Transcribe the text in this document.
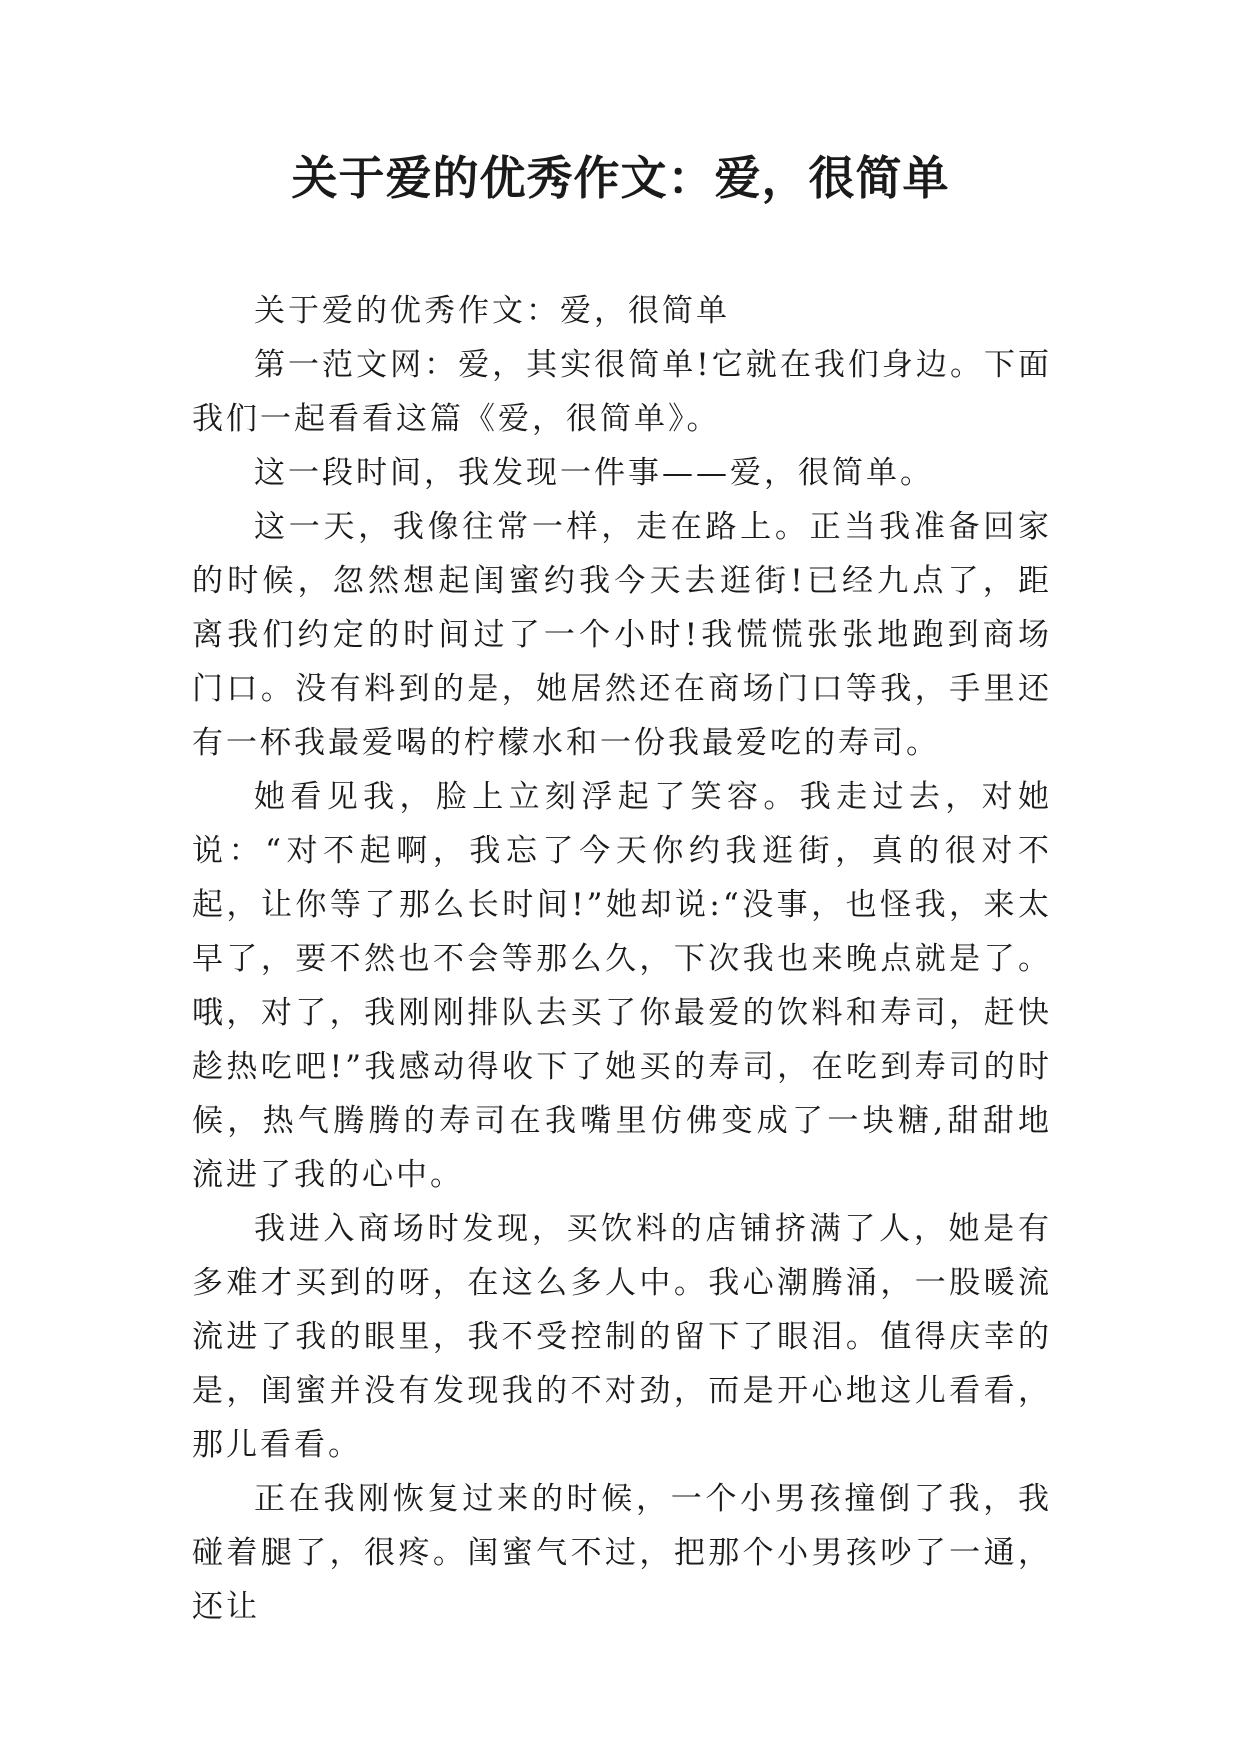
关于爱的优秀作文：爱，很简单

关于爱的优秀作文：爱，很简单

第一范文网：爱，其实很简单!它就在我们身边。下面我们一起看看这篇《爱，很简单》。

这一段时间，我发现一件事——爱，很简单。

这一天，我像往常一样，走在路上。正当我准备回家的时候，忽然想起闺蜜约我今天去逛街!已经九点了，距离我们约定的时间过了一个小时!我慌慌张张地跑到商场门口。没有料到的是，她居然还在商场门口等我，手里还有一杯我最爱喝的柠檬水和一份我最爱吃的寿司。

她看见我，脸上立刻浮起了笑容。我走过去，对她说：“对不起啊，我忘了今天你约我逛街，真的很对不起，让你等了那么长时间!”她却说:“没事，也怪我，来太早了，要不然也不会等那么久，下次我也来晚点就是了。哦，对了，我刚刚排队去买了你最爱的饮料和寿司，赶快趁热吃吧!”我感动得收下了她买的寿司，在吃到寿司的时候，热气腾腾的寿司在我嘴里仿佛变成了一块糖,甜甜地流进了我的心中。

我进入商场时发现，买饮料的店铺挤满了人，她是有多难才买到的呀，在这么多人中。我心潮腾涌，一股暖流流进了我的眼里，我不受控制的留下了眼泪。值得庆幸的是，闺蜜并没有发现我的不对劲，而是开心地这儿看看，那儿看看。

正在我刚恢复过来的时候，一个小男孩撞倒了我，我碰着腿了，很疼。闺蜜气不过，把那个小男孩吵了一通，还让
